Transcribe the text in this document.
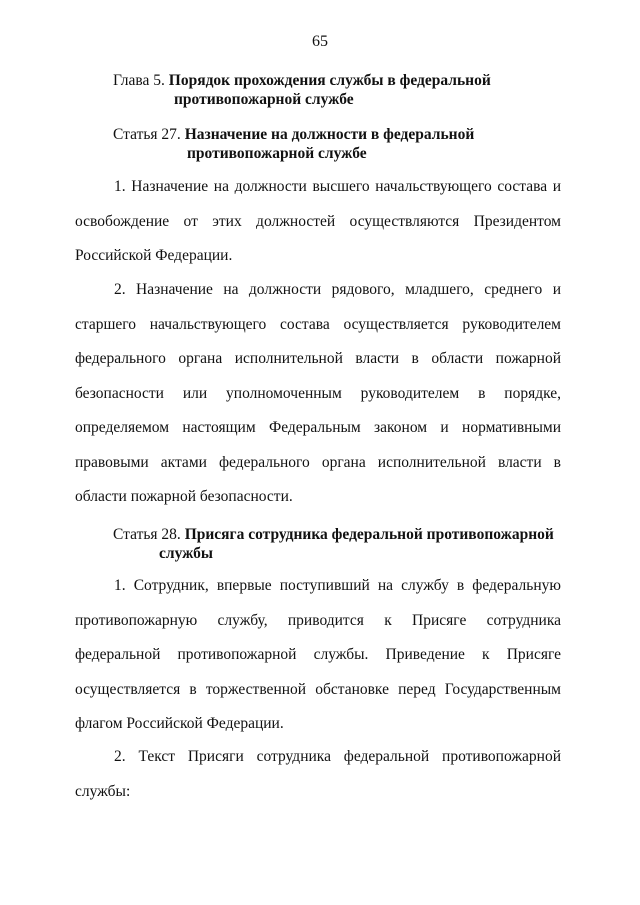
65
Глава 5. Порядок прохождения службы в федеральной
противопожарной службе
Статья 27. Назначение на должности в федеральной
противопожарной службе

1. Назначение на должности высшего начальствующего состава и освобождение от этих должностей осуществляются Президентом Российской Федерации.

2. Назначение на должности рядового, младшего, среднего и старшего начальствующего состава осуществляется руководителем федерального органа исполнительной власти в области пожарной безопасности или уполномоченным руководителем в порядке, определяемом настоящим Федеральным законом и нормативными правовыми актами федерального органа исполнительной власти в области пожарной безопасности.

Статья 28. Присяга сотрудника федеральной противопожарной
службы

1. Сотрудник, впервые поступивший на службу в федеральную противопожарную службу, приводится к Присяге сотрудника федеральной противопожарной службы. Приведение к Присяге осуществляется в торжественной обстановке перед Государственным флагом Российской Федерации.

2. Текст Присяги сотрудника федеральной противопожарной службы:
